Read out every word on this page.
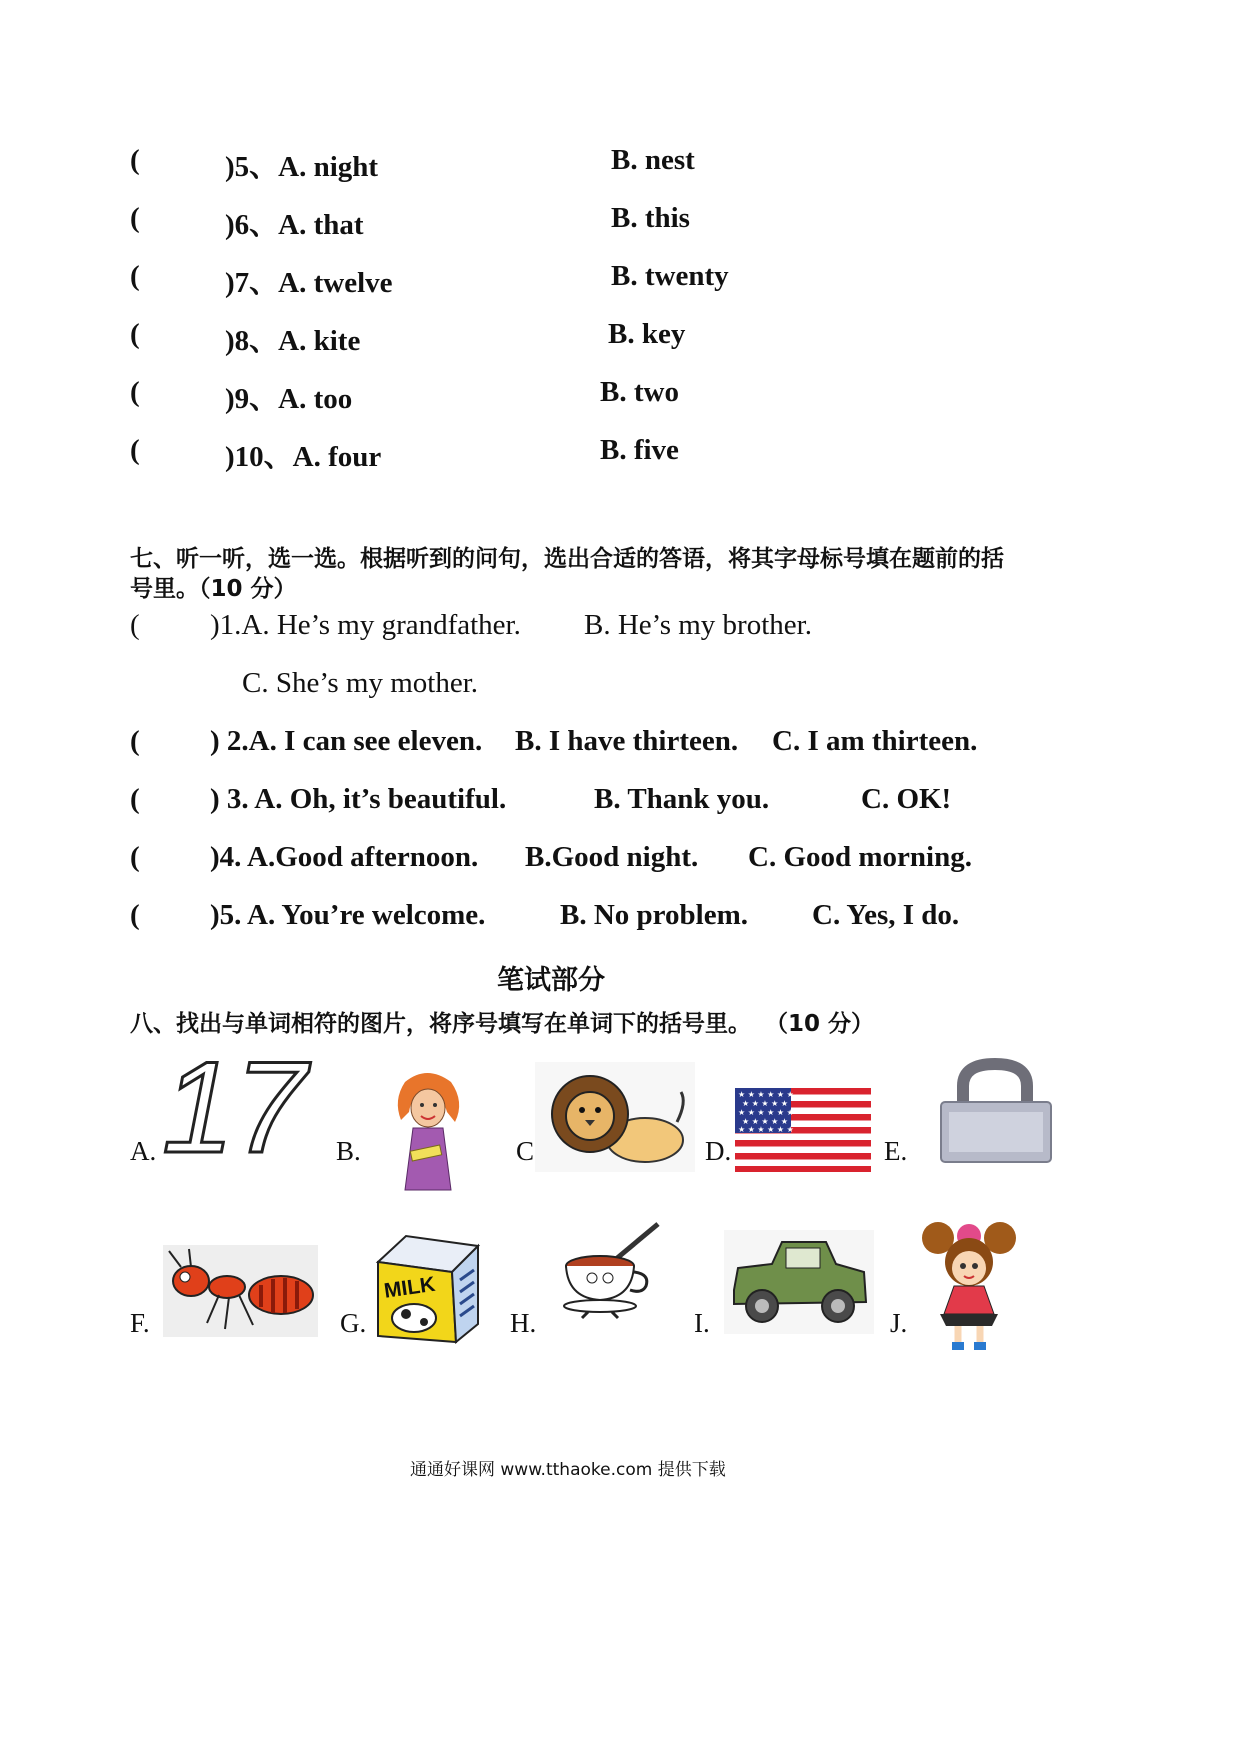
(	)5、A. night	B. nest
(	)6、A. that	B. this
(	)7、A. twelve	B. twenty
(	)8、A. kite	B. key
(	)9、A. too	B. two
(	)10、A. four	B. five
七、听一听，选一选。根据听到的问句，选出合适的答语，将其字母标号填在题前的括
号里。（10 分）
( )1.A. He’s my grandfather. B. He’s my brother.
C. She’s my mother.
( ) 2.A. I can see eleven. B. I have thirteen. C. I am thirteen.
( ) 3. A. Oh, it’s beautiful.	B. Thank you.	C. OK!
( )4. A.Good afternoon. B.Good night. C. Good morning.
( )5. A. You’re welcome.	B. No problem. C. Yes, I do.
笔试部分
八、找出与单词相符的图片，将序号填写在单词下的括号里。 （10 分）
A. 17 B.	C	D.
★ ★ ★ ★ ★ ★
★ ★ ★ ★ ★
★ ★ ★ ★ ★ ★
★ ★ ★ ★ ★
★ ★ ★ ★ ★ ★
E.
F.	G.
MILK
H.	I.	J.
通通好课网 www.tthaoke.com 提供下载
